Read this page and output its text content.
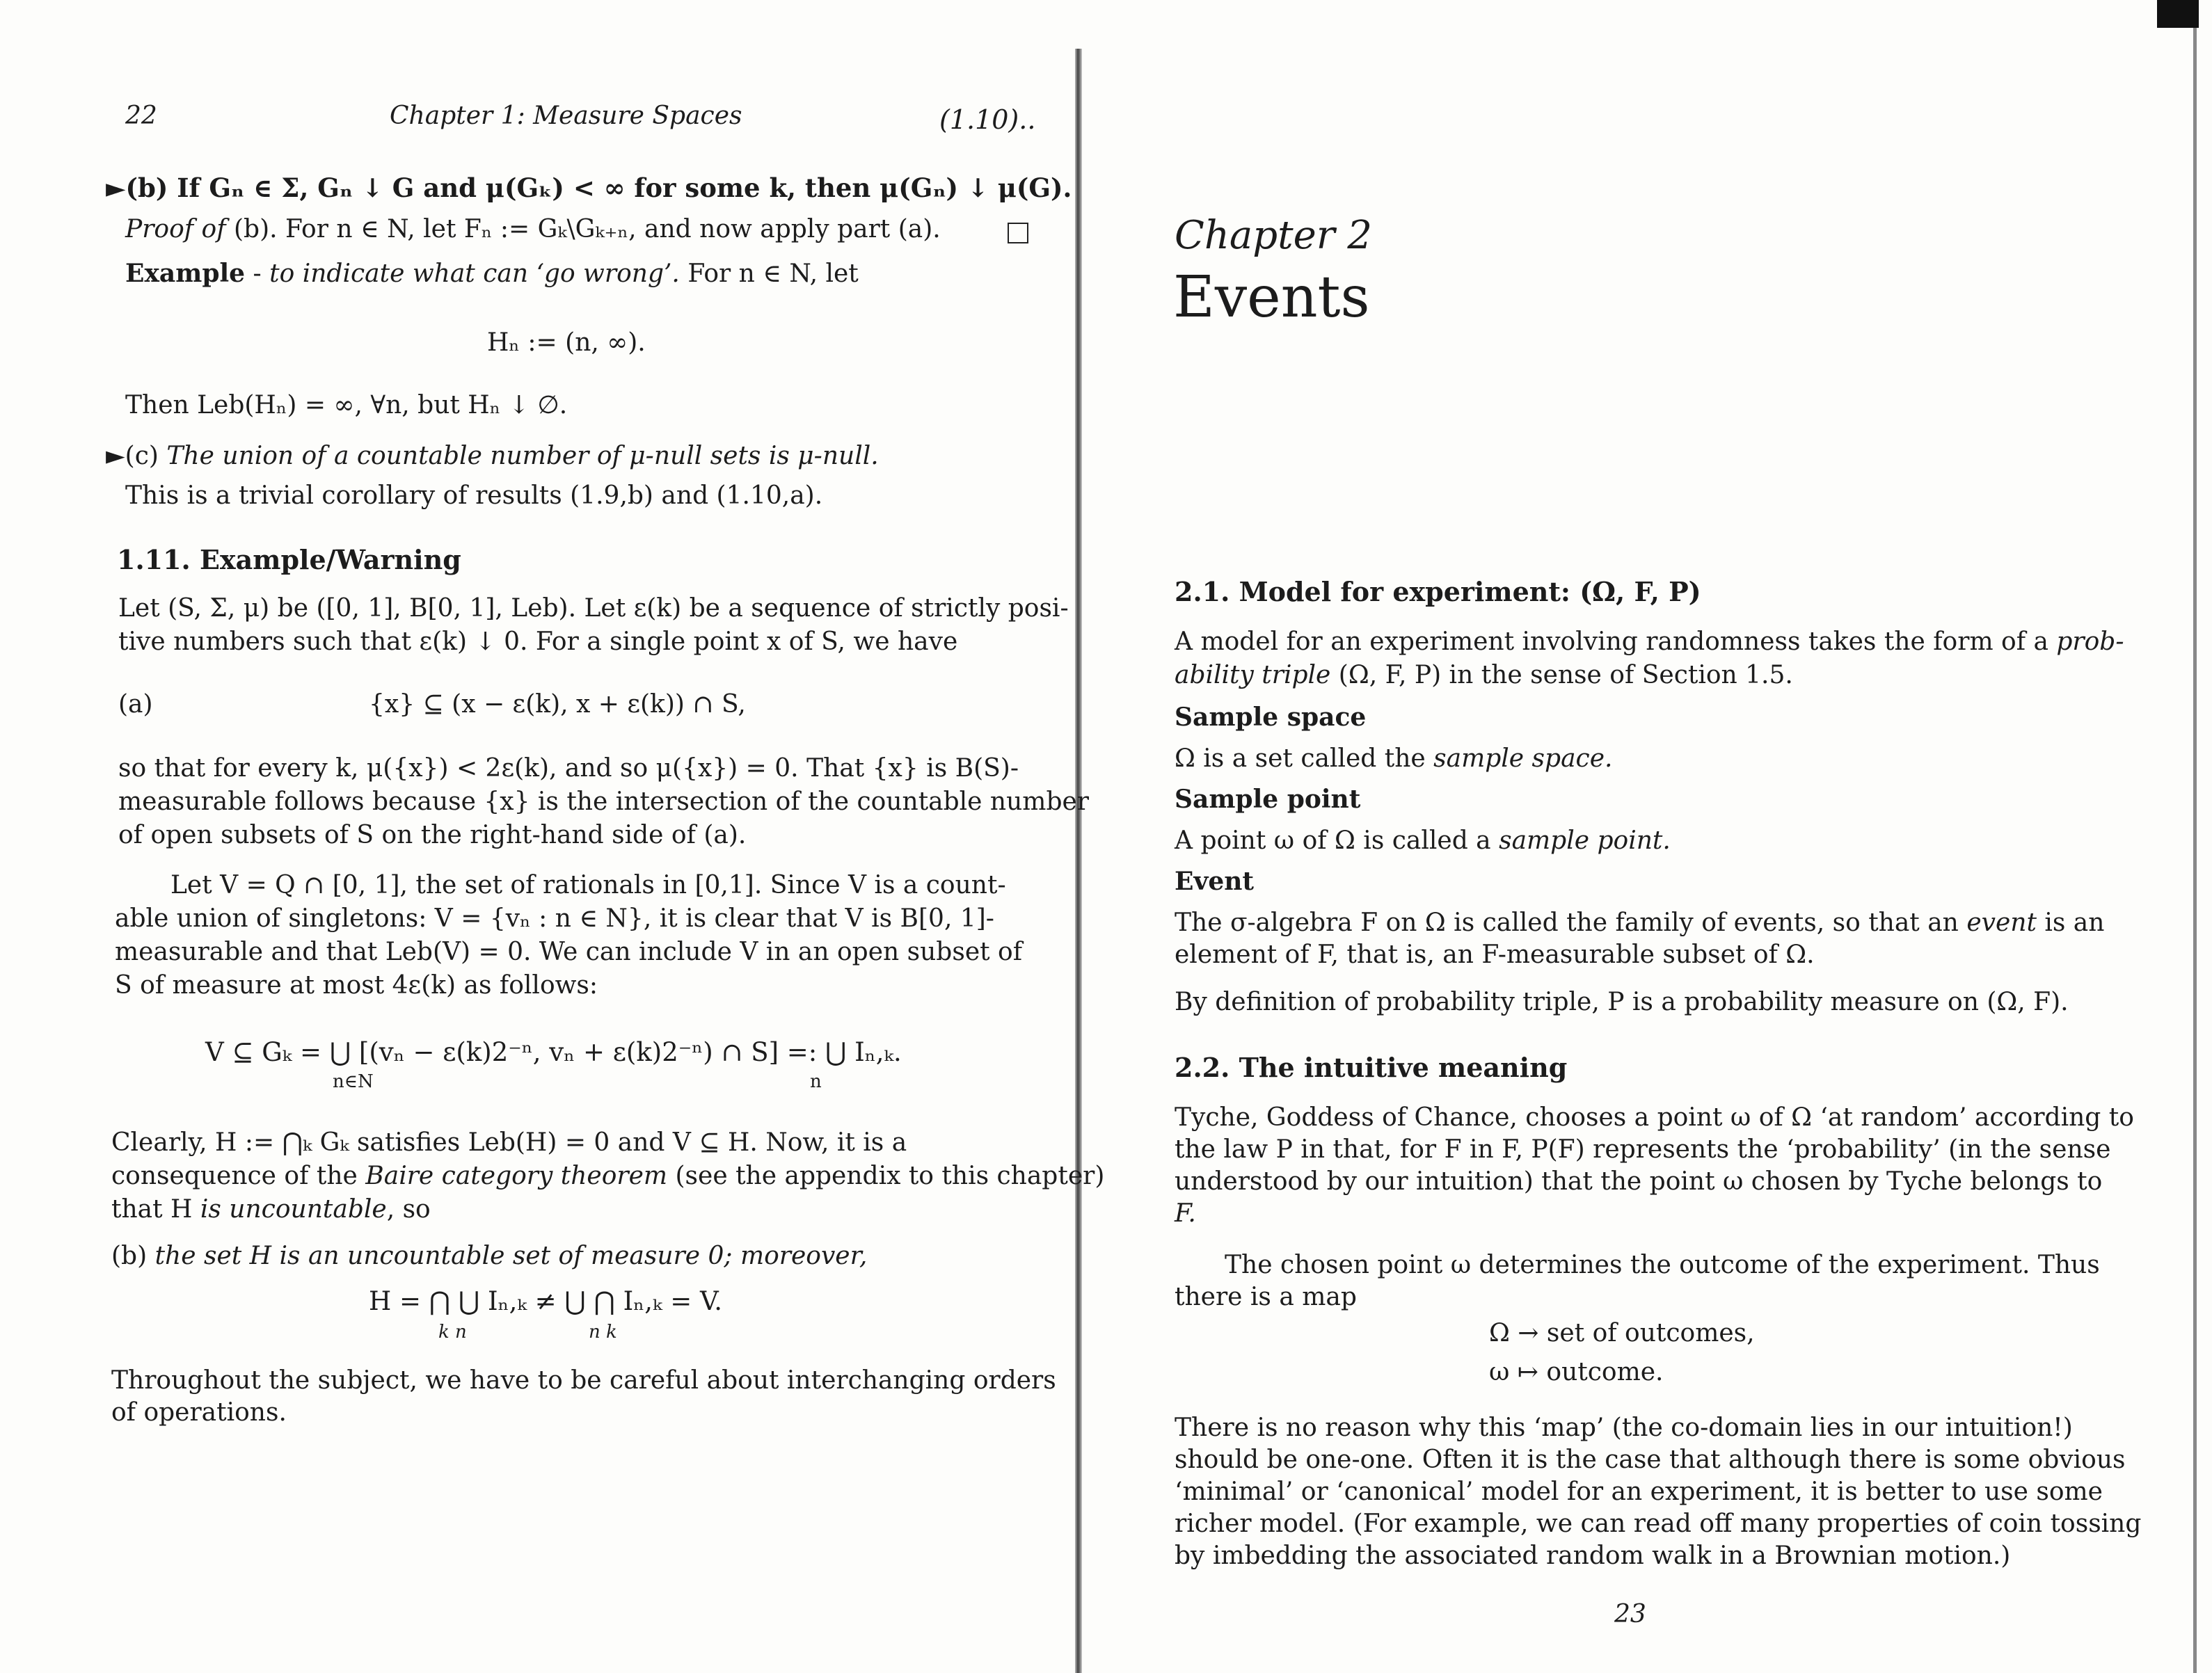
22	Chapter 1: Measure Spaces	(1.10)..
►(b) If Gₙ ∈ Σ, Gₙ ↓ G and μ(Gₖ) < ∞ for some k, then μ(Gₙ) ↓ μ(G).
Proof of (b). For n ∈ N, let Fₙ := Gₖ\Gₖ₊ₙ, and now apply part (a).
Example - to indicate what can ‘go wrong’. For n ∈ N, let
Hₙ := (n, ∞).
Then Leb(Hₙ) = ∞, ∀n, but Hₙ ↓ ∅.
►(c) The union of a countable number of μ-null sets is μ-null.
This is a trivial corollary of results (1.9,b) and (1.10,a).
1.11. Example/Warning
Let (S, Σ, μ) be ([0, 1], B[0, 1], Leb). Let ε(k) be a sequence of strictly posi-
tive numbers such that ε(k) ↓ 0. For a single point x of S, we have
(a)	{x} ⊆ (x − ε(k), x + ε(k)) ∩ S,
so that for every k, μ({x}) < 2ε(k), and so μ({x}) = 0. That {x} is B(S)-
measurable follows because {x} is the intersection of the countable number
of open subsets of S on the right-hand side of (a).
Let V = Q ∩ [0, 1], the set of rationals in [0,1]. Since V is a count-
able union of singletons: V = {vₙ : n ∈ N}, it is clear that V is B[0, 1]-
measurable and that Leb(V) = 0. We can include V in an open subset of
S of measure at most 4ε(k) as follows:
V ⊆ Gₖ = ⋃ [(vₙ − ε(k)2⁻ⁿ, vₙ + ε(k)2⁻ⁿ) ∩ S] =: ⋃ Iₙ,ₖ.
n∈N	n
Clearly, H := ⋂ₖ Gₖ satisfies Leb(H) = 0 and V ⊆ H. Now, it is a
consequence of the Baire category theorem (see the appendix to this chapter)
that H is uncountable, so
(b) the set H is an uncountable set of measure 0; moreover,
H = ⋂ ⋃ Iₙ,ₖ ≠ ⋃ ⋂ Iₙ,ₖ = V.
k n	n k
Throughout the subject, we have to be careful about interchanging orders
of operations.
Chapter 2
Events
2.1. Model for experiment: (Ω, F, P)
A model for an experiment involving randomness takes the form of a prob-
ability triple (Ω, F, P) in the sense of Section 1.5.
Sample space
Ω is a set called the sample space.
Sample point
A point ω of Ω is called a sample point.
Event
The σ-algebra F on Ω is called the family of events, so that an event is an
element of F, that is, an F-measurable subset of Ω.
By definition of probability triple, P is a probability measure on (Ω, F).
2.2. The intuitive meaning
Tyche, Goddess of Chance, chooses a point ω of Ω ‘at random’ according to
the law P in that, for F in F, P(F) represents the ‘probability’ (in the sense
understood by our intuition) that the point ω chosen by Tyche belongs to
F.
The chosen point ω determines the outcome of the experiment. Thus
there is a map
Ω → set of outcomes,
ω ↦ outcome.
There is no reason why this ‘map’ (the co-domain lies in our intuition!)
should be one-one. Often it is the case that although there is some obvious
‘minimal’ or ‘canonical’ model for an experiment, it is better to use some
richer model. (For example, we can read off many properties of coin tossing
by imbedding the associated random walk in a Brownian motion.)
23
